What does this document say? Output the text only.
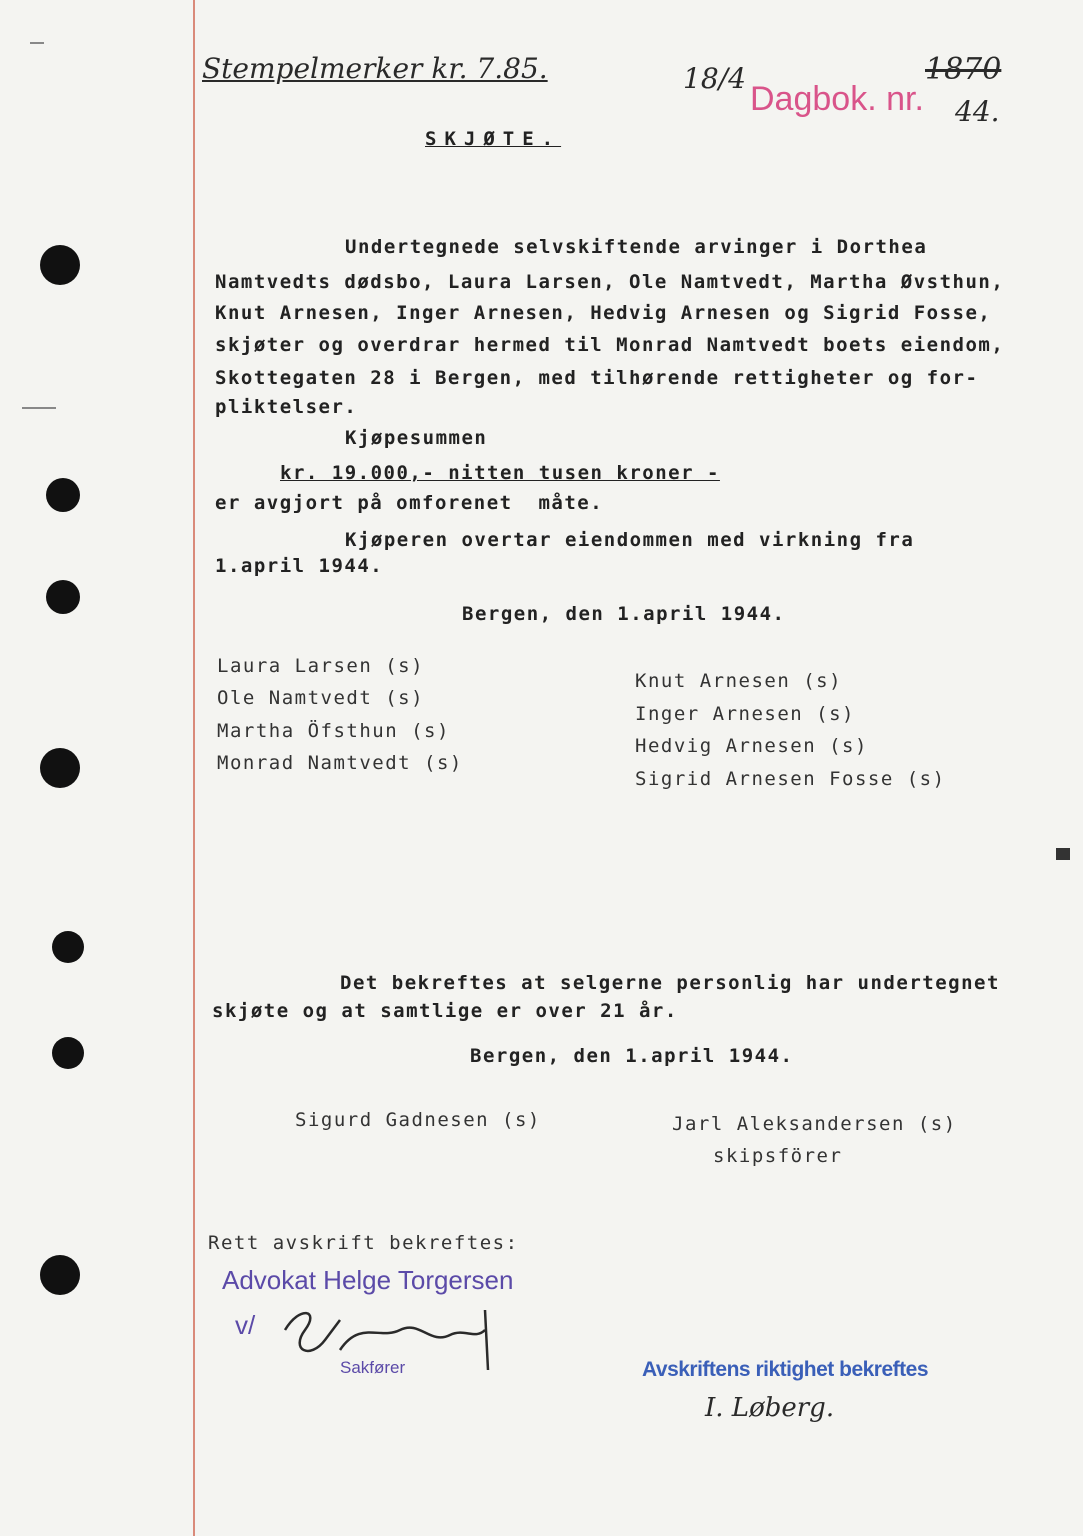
Stempelmerker kr. 7.85.	18/4
Dagbok. nr.
1870
44.
SKJØTE.
Undertegnede selvskiftende arvinger i Dorthea
Namtvedts dødsbo, Laura Larsen, Ole Namtvedt, Martha Øvsthun,
Knut Arnesen, Inger Arnesen, Hedvig Arnesen og Sigrid Fosse,
skjøter og overdrar hermed til Monrad Namtvedt boets eiendom,
Skottegaten 28 i Bergen, med tilhørende rettigheter og for-
pliktelser.
Kjøpesummen
kr. 19.000,- nitten tusen kroner -
er avgjort på omforenet  måte.
Kjøperen overtar eiendommen med virkning fra
1.april 1944.
Bergen, den 1.april 1944.
Laura Larsen (s)
Ole Namtvedt (s)
Martha Öfsthun (s)
Monrad Namtvedt (s)
Knut Arnesen (s)
Inger Arnesen (s)
Hedvig Arnesen (s)
Sigrid Arnesen Fosse (s)
Det bekreftes at selgerne personlig har undertegnet
skjøte og at samtlige er over 21 år.
Bergen, den 1.april 1944.
Sigurd Gadnesen (s)	Jarl Aleksandersen (s)
skipsförer
Rett avskrift bekreftes:
Advokat Helge Torgersen
v/
Sakfører	Avskriftens riktighet bekreftes
I. Løberg.
